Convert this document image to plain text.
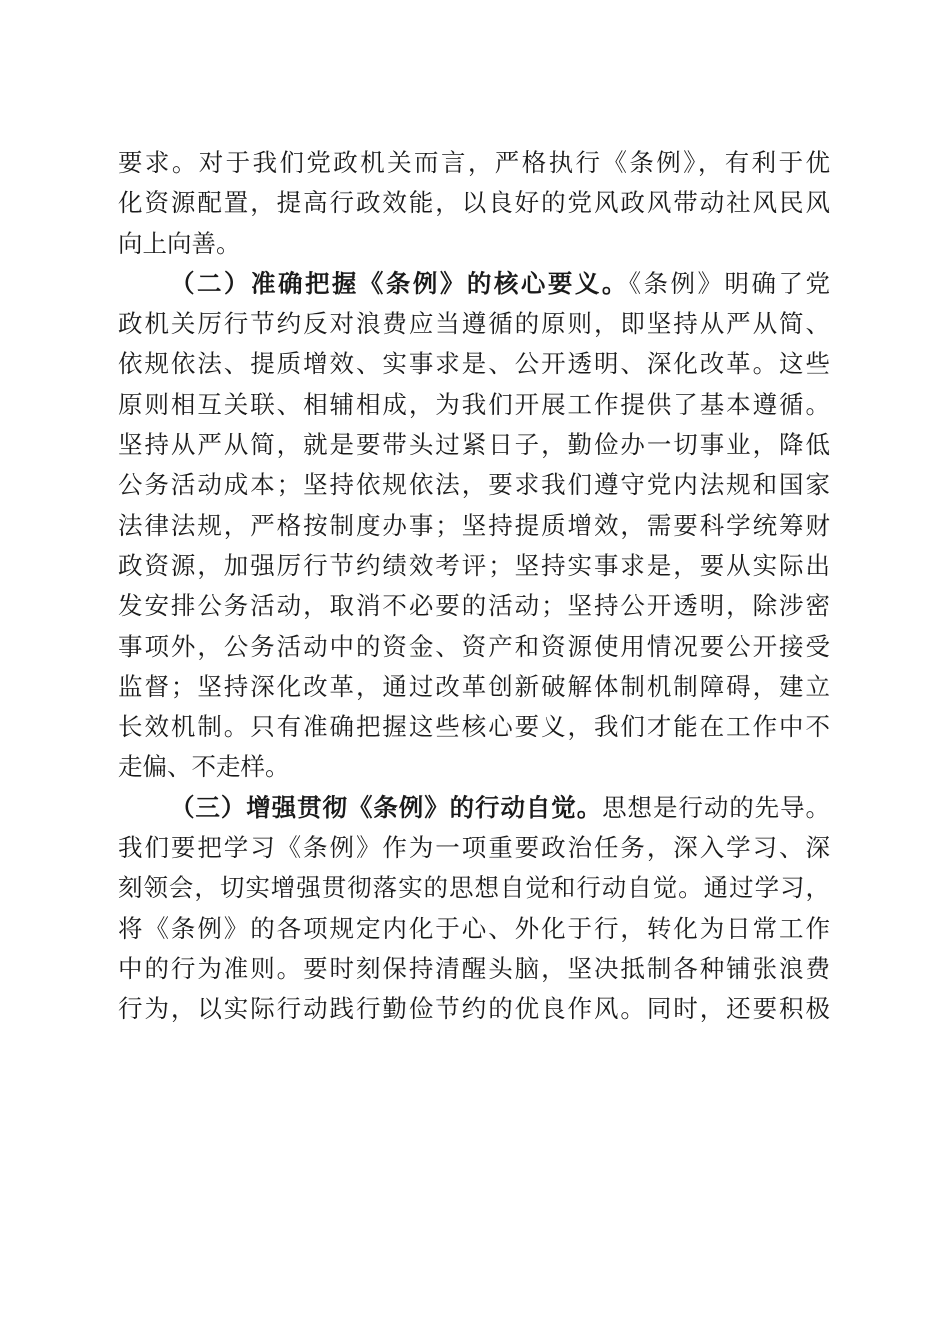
要求。对于我们党政机关而言，严格执行《条例》，有利于优
化资源配置，提高行政效能，以良好的党风政风带动社风民风
向上向善。
（二）准确把握《条例》的核心要义。《条例》明确了党
政机关厉行节约反对浪费应当遵循的原则，即坚持从严从简、
依规依法、提质增效、实事求是、公开透明、深化改革。这些
原则相互关联、相辅相成，为我们开展工作提供了基本遵循。
坚持从严从简，就是要带头过紧日子，勤俭办一切事业，降低
公务活动成本；坚持依规依法，要求我们遵守党内法规和国家
法律法规，严格按制度办事；坚持提质增效，需要科学统筹财
政资源，加强厉行节约绩效考评；坚持实事求是，要从实际出
发安排公务活动，取消不必要的活动；坚持公开透明，除涉密
事项外，公务活动中的资金、资产和资源使用情况要公开接受
监督；坚持深化改革，通过改革创新破解体制机制障碍，建立
长效机制。只有准确把握这些核心要义，我们才能在工作中不
走偏、不走样。
（三）增强贯彻《条例》的行动自觉。思想是行动的先导。
我们要把学习《条例》作为一项重要政治任务，深入学习、深
刻领会，切实增强贯彻落实的思想自觉和行动自觉。通过学习，
将《条例》的各项规定内化于心、外化于行，转化为日常工作
中的行为准则。要时刻保持清醒头脑，坚决抵制各种铺张浪费
行为，以实际行动践行勤俭节约的优良作风。同时，还要积极
